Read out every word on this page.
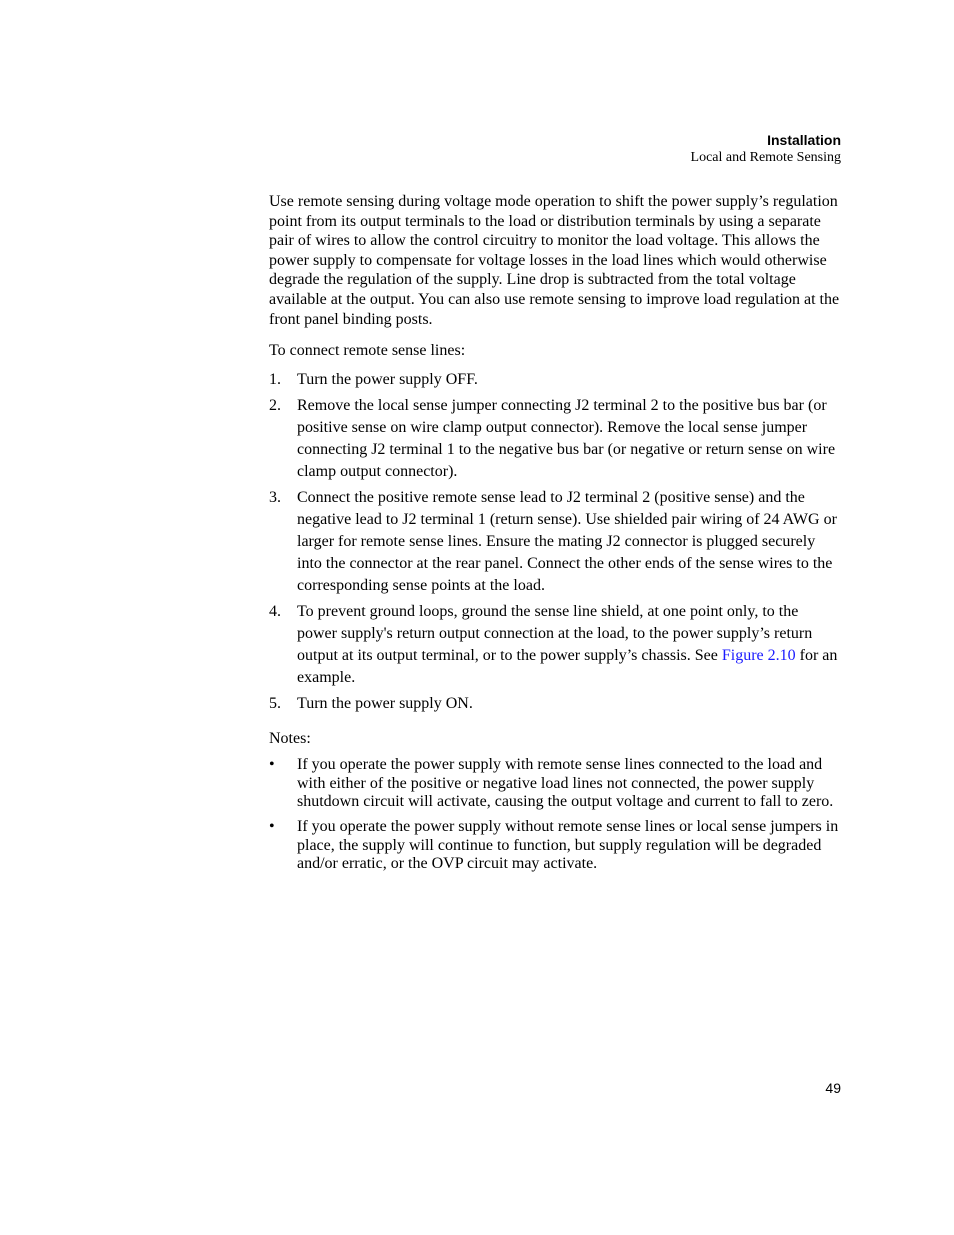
Installation
Local and Remote Sensing

Use remote sensing during voltage mode operation to shift the power supply’s regulation point from its output terminals to the load or distribution terminals by using a separate pair of wires to allow the control circuitry to monitor the load voltage. This allows the power supply to compensate for voltage losses in the load lines which would otherwise degrade the regulation of the supply. Line drop is subtracted from the total voltage available at the output. You can also use remote sensing to improve load regulation at the front panel binding posts.

To connect remote sense lines:

1. Turn the power supply OFF.
2. Remove the local sense jumper connecting J2 terminal 2 to the positive bus bar (or positive sense on wire clamp output connector). Remove the local sense jumper connecting J2 terminal 1 to the negative bus bar (or negative or return sense on wire clamp output connector).
3. Connect the positive remote sense lead to J2 terminal 2 (positive sense) and the negative lead to J2 terminal 1 (return sense). Use shielded pair wiring of 24 AWG or larger for remote sense lines. Ensure the mating J2 connector is plugged securely into the connector at the rear panel. Connect the other ends of the sense wires to the corresponding sense points at the load.
4. To prevent ground loops, ground the sense line shield, at one point only, to the power supply's return output connection at the load, to the power supply’s return output at its output terminal, or to the power supply’s chassis. See Figure 2.10 for an example.
5. Turn the power supply ON.

Notes:

• If you operate the power supply with remote sense lines connected to the load and with either of the positive or negative load lines not connected, the power supply shutdown circuit will activate, causing the output voltage and current to fall to zero.
• If you operate the power supply without remote sense lines or local sense jumpers in place, the supply will continue to function, but supply regulation will be degraded and/or erratic, or the OVP circuit may activate.
49
